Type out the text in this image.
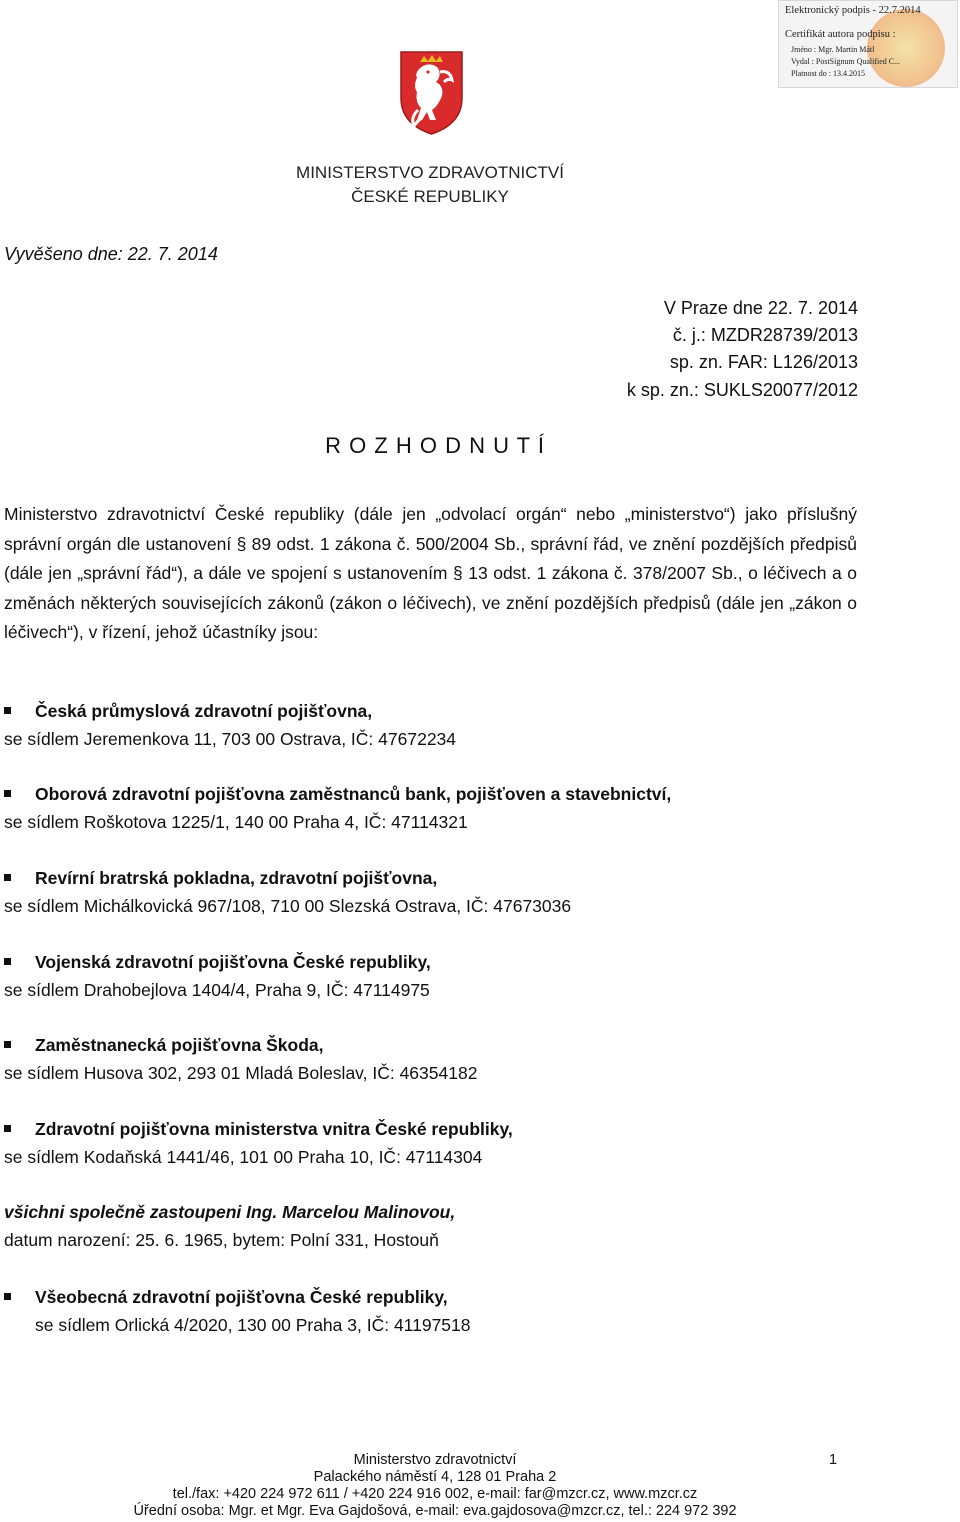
Elektronický podpis - 22.7.2014
Certifikát autora podpisu :
Jméno : Mgr. Martin Mátl
Vydal : PostSignum Qualified C...
Platnost do : 13.4.2015
MINISTERSTVO ZDRAVOTNICTVÍ
ČESKÉ REPUBLIKY
Vyvěšeno dne: 22. 7. 2014
V Praze dne 22. 7. 2014
č. j.: MZDR28739/2013
sp. zn. FAR: L126/2013
k sp. zn.: SUKLS20077/2012
R O Z H O D N U T Í

Ministerstvo zdravotnictví České republiky (dále jen „odvolací orgán“ nebo „ministerstvo“) jako příslušný správní orgán dle ustanovení § 89 odst. 1 zákona č. 500/2004 Sb., správní řád, ve znění pozdějších předpisů (dále jen „správní řád“), a dále ve spojení s ustanovením § 13 odst. 1 zákona č. 378/2007 Sb., o léčivech a o změnách některých souvisejících zákonů (zákon o léčivech), ve znění pozdějších předpisů (dále jen „zákon o léčivech“), v řízení, jehož účastníky jsou:

Česká průmyslová zdravotní pojišťovna,
se sídlem Jeremenkova 11, 703 00 Ostrava, IČ: 47672234
Oborová zdravotní pojišťovna zaměstnanců bank, pojišťoven a stavebnictví,
se sídlem Roškotova 1225/1, 140 00 Praha 4, IČ: 47114321
Revírní bratrská pokladna, zdravotní pojišťovna,
se sídlem Michálkovická 967/108, 710 00 Slezská Ostrava, IČ: 47673036
Vojenská zdravotní pojišťovna České republiky,
se sídlem Drahobejlova 1404/4, Praha 9, IČ: 47114975
Zaměstnanecká pojišťovna Škoda,
se sídlem Husova 302, 293 01 Mladá Boleslav, IČ: 46354182
Zdravotní pojišťovna ministerstva vnitra České republiky,
se sídlem Kodaňská 1441/46, 101 00 Praha 10, IČ: 47114304
všichni společně zastoupeni Ing. Marcelou Malinovou,
datum narození: 25. 6. 1965, bytem: Polní 331, Hostouň
Všeobecná zdravotní pojišťovna České republiky,
se sídlem Orlická 4/2020, 130 00 Praha 3, IČ: 41197518
Ministerstvo zdravotnictví
Palackého náměstí 4, 128 01 Praha 2
tel./fax: +420 224 972 611 / +420 224 916 002, e-mail: far@mzcr.cz, www.mzcr.cz
Úřední osoba: Mgr. et Mgr. Eva Gajdošová, e-mail: eva.gajdosova@mzcr.cz, tel.: 224 972 392
1
